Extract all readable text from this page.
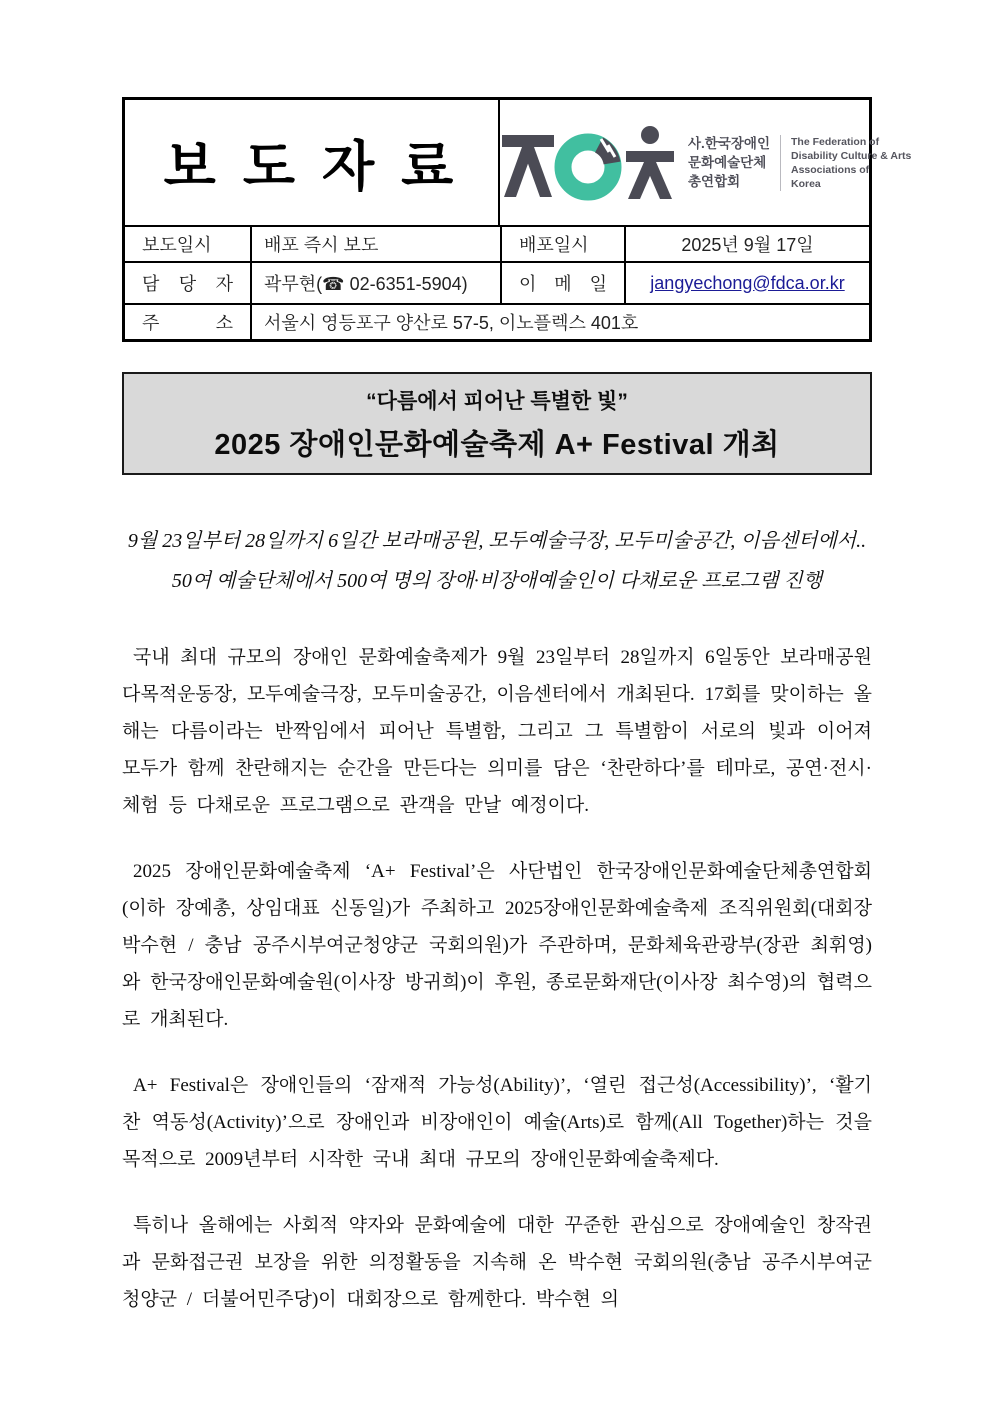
보 도 자 료	사.한국장애인
문화예술단체
총연합회
The Federation of
Disability Culture & Arts
Associations of
Korea
보도일시	배포 즉시 보도	배포일시	2025년 9월 17일
담 당 자	곽무현(☎ 02-6351-5904)	이 메 일 jangyechong@fdca.or.kr
주 소	서울시 영등포구 양산로 57-5, 이노플렉스 401호
“다름에서 피어난 특별한 빛”
2025 장애인문화예술축제 A+ Festival 개최
9월 23일부터 28일까지 6일간 보라매공원, 모두예술극장, 모두미술공간, 이음센터에서..
50여 예술단체에서 500여 명의 장애·비장애예술인이 다채로운 프로그램 진행

국내 최대 규모의 장애인 문화예술축제가 9월 23일부터 28일까지 6일동안 보라매공원 다목적운동장, 모두예술극장, 모두미술공간, 이음센터에서 개최된다. 17회를 맞이하는 올해는 다름이라는 반짝임에서 피어난 특별함, 그리고 그 특별함이 서로의 빛과 이어져 모두가 함께 찬란해지는 순간을 만든다는 의미를 담은 ‘찬란하다’를 테마로, 공연·전시·체험 등 다채로운 프로그램으로 관객을 만날 예정이다.

2025 장애인문화예술축제 ‘A+ Festival’은 사단법인 한국장애인문화예술단체총연합회(이하 장예총, 상임대표 신동일)가 주최하고 2025장애인문화예술축제 조직위원회(대회장 박수현 / 충남 공주시부여군청양군 국회의원)가 주관하며, 문화체육관광부(장관 최휘영)와 한국장애인문화예술원(이사장 방귀희)이 후원, 종로문화재단(이사장 최수영)의 협력으로 개최된다.

A+ Festival은 장애인들의 ‘잠재적 가능성(Ability)’, ‘열린 접근성(Accessibility)’, ‘활기찬 역동성(Activity)’으로 장애인과 비장애인이 예술(Arts)로 함께(All Together)하는 것을 목적으로 2009년부터 시작한 국내 최대 규모의 장애인문화예술축제다.

특히나 올해에는 사회적 약자와 문화예술에 대한 꾸준한 관심으로 장애예술인 창작권과 문화접근권 보장을 위한 의정활동을 지속해 온 박수현 국회의원(충남 공주시부여군청양군 / 더불어민주당)이 대회장으로 함께한다. 박수현 의
